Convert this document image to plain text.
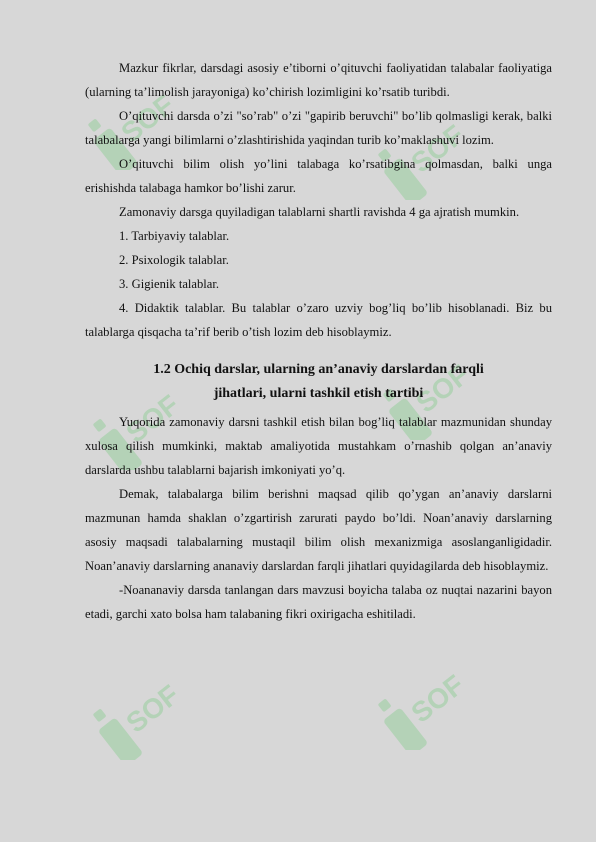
SOF
SOF
SOF
SOF
SOF	SOF

Mazkur fikrlar, darsdagi asosiy e’tiborni o’qituvchi faoliyatidan talabalar faoliyatiga (ularning ta’limolish jarayoniga) ko’chirish lozimligini ko’rsatib turibdi.

O’qituvchi darsda o’zi "so’rab" o’zi "gapirib beruvchi" bo’lib qolmasligi kerak, balki talabalarga yangi bilimlarni o’zlashtirishida yaqindan turib ko’maklashuvi lozim.

O’qituvchi bilim olish yo’lini talabaga ko’rsatibgina qolmasdan, balki unga erishishda talabaga hamkor bo’lishi zarur.

Zamonaviy darsga quyiladigan talablarni shartli ravishda 4 ga ajratish mumkin.

1. Tarbiyaviy talablar.

2. Psixologik talablar.

3. Gigienik talablar.

4. Didaktik talablar. Bu talablar o’zaro uzviy bog’liq bo’lib hisoblanadi. Biz bu talablarga qisqacha ta’rif berib o’tish lozim deb hisoblaymiz.

1.2 Ochiq darslar, ularning an’anaviy darslardan farqli
jihatlari, ularni tashkil etish tartibi

Yuqorida zamonaviy darsni tashkil etish bilan bog’liq talablar mazmunidan shunday xulosa qilish mumkinki, maktab amaliyotida mustahkam o’rnashib qolgan an’anaviy darslarda ushbu talablarni bajarish imkoniyati yo’q.

Demak, talabalarga bilim berishni maqsad qilib qo’ygan an’anaviy darslarni mazmunan hamda shaklan o’zgartirish zarurati paydo bo’ldi. Noan’anaviy darslarning asosiy maqsadi talabalarning mustaqil bilim olish mexanizmiga asoslanganligidadir. Noan’anaviy darslarning ananaviy darslardan farqli jihatlari quyidagilarda deb hisoblaymiz.

-Noananaviy darsda tanlangan dars mavzusi boyicha talaba oz nuqtai nazarini bayon etadi, garchi xato bolsa ham talabaning fikri oxirigacha eshitiladi.
